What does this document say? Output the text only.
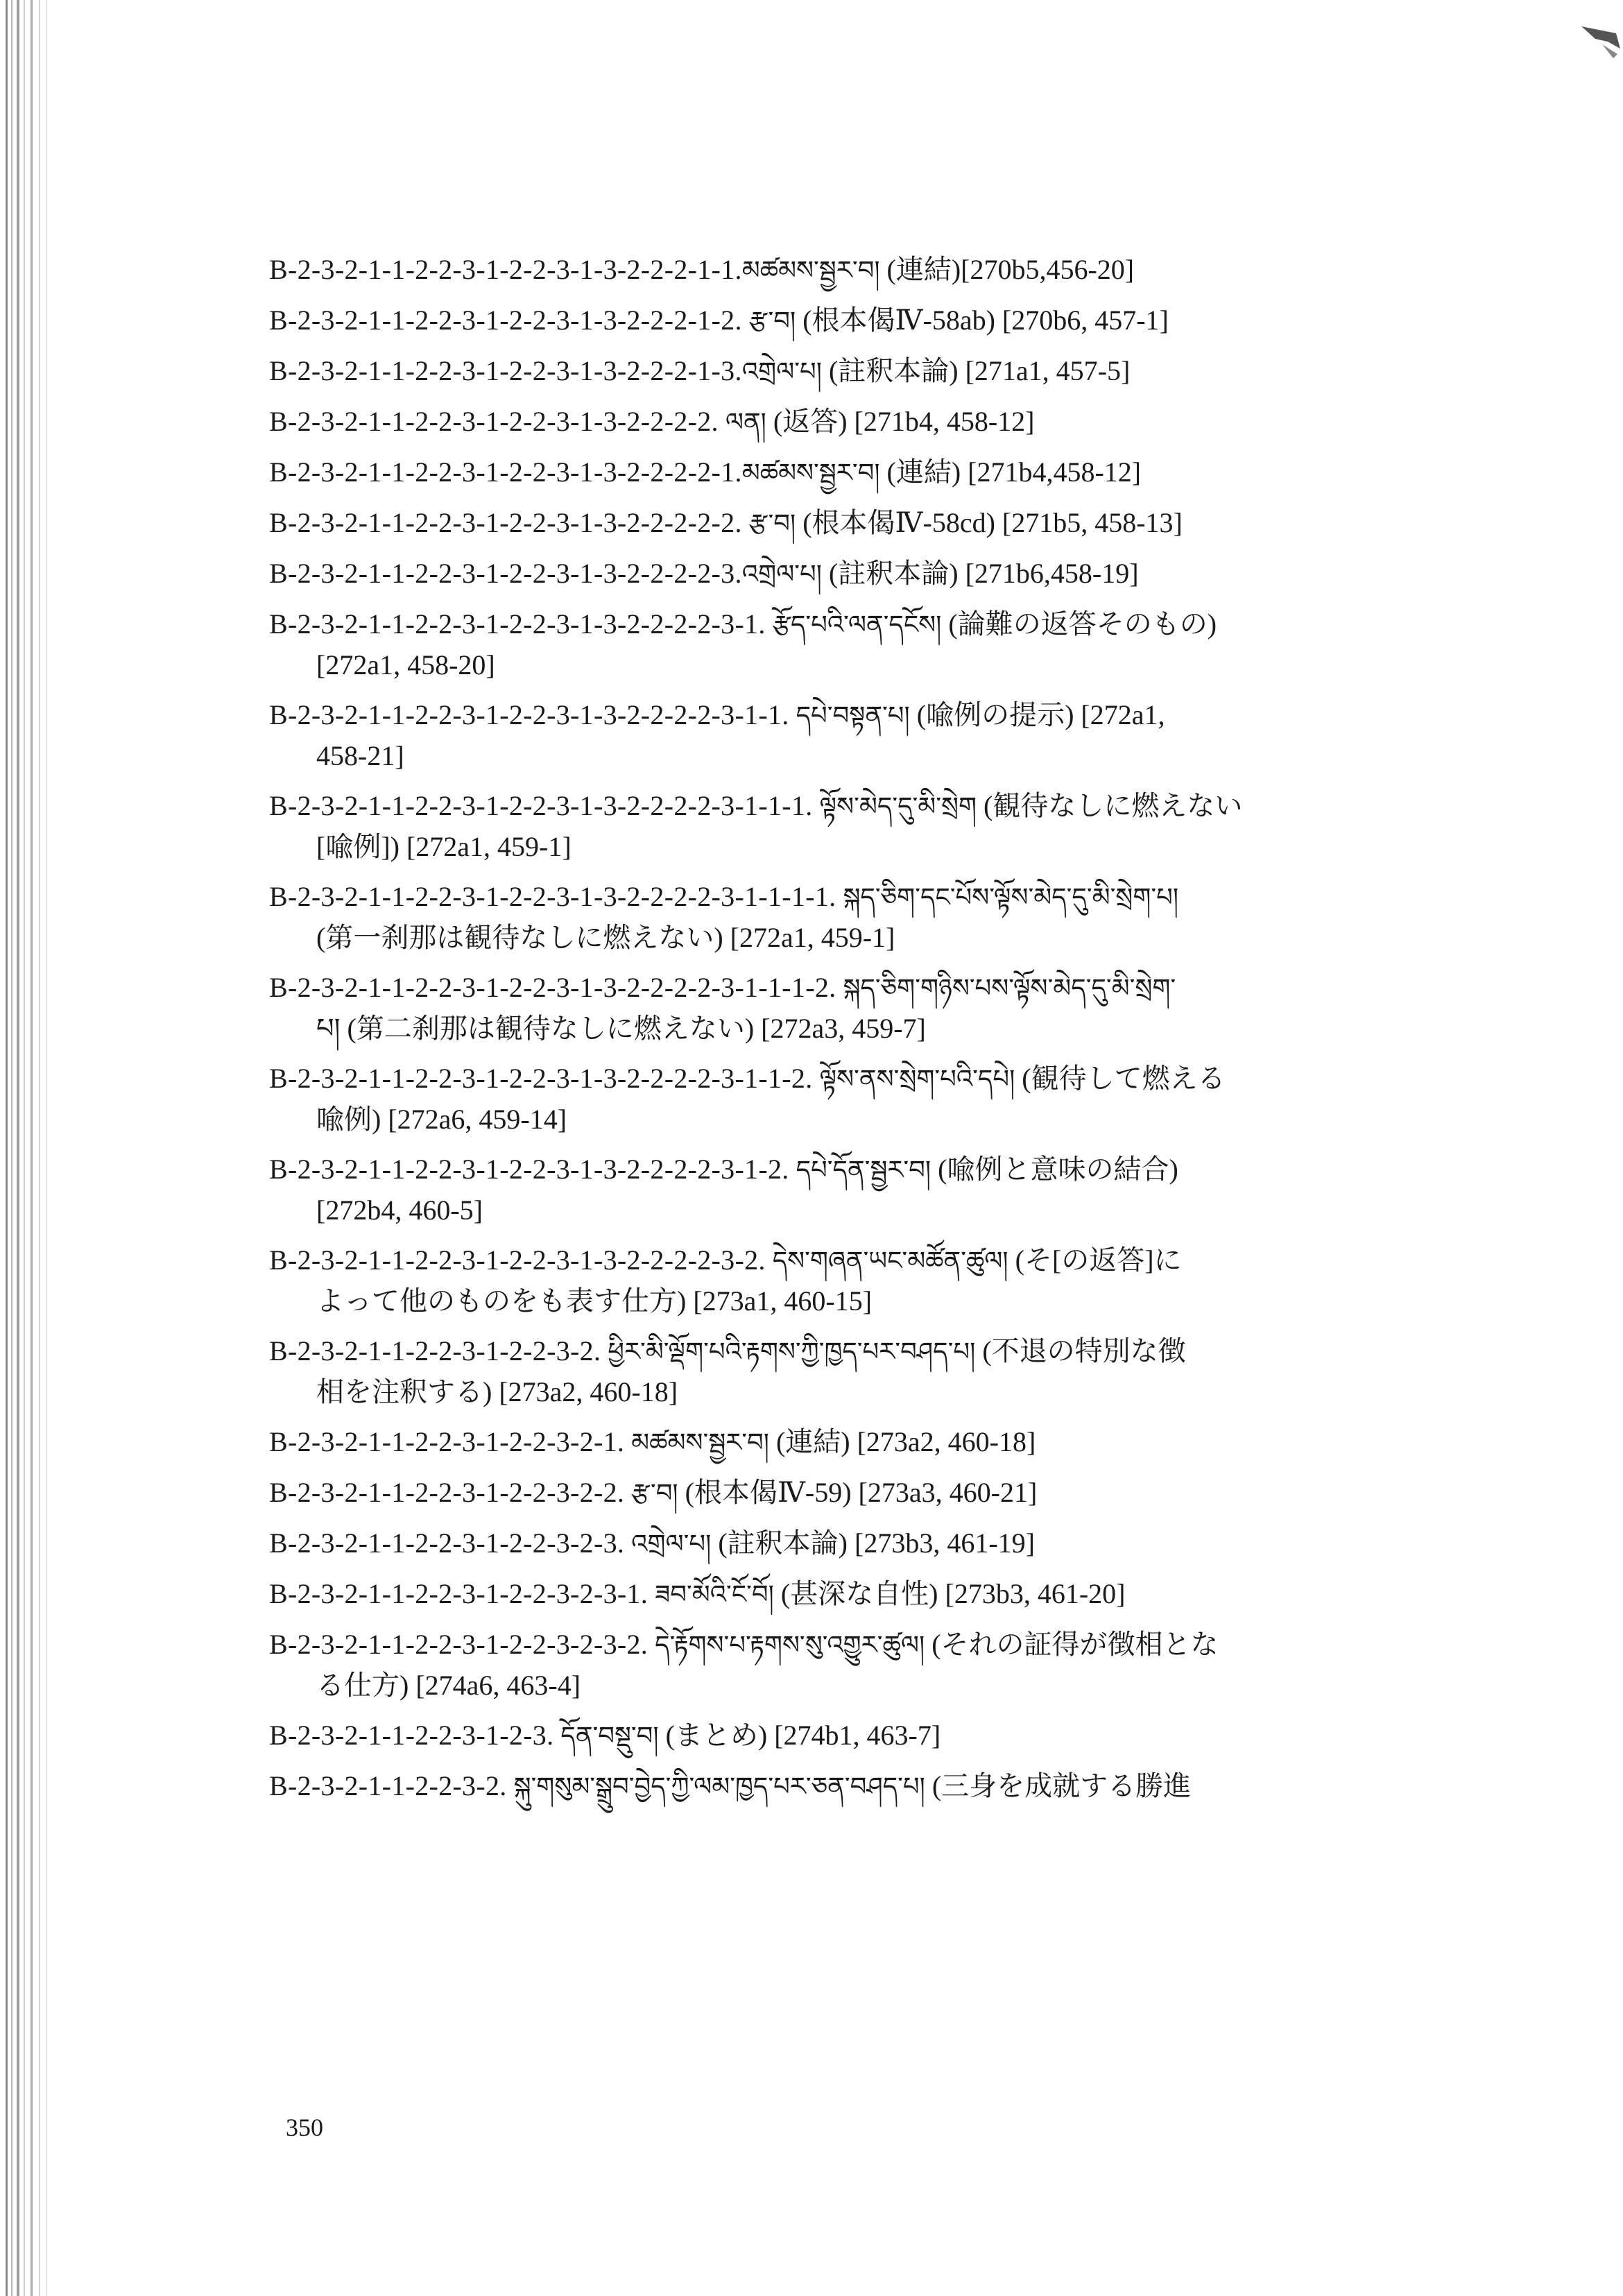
B-2-3-2-1-1-2-2-3-1-2-2-3-1-3-2-2-2-1-1.མཚམས་སྦྱར་བ། (連結)[270b5,456-20]
B-2-3-2-1-1-2-2-3-1-2-2-3-1-3-2-2-2-1-2. རྩ་བ། (根本偈Ⅳ-58ab) [270b6, 457-1]
B-2-3-2-1-1-2-2-3-1-2-2-3-1-3-2-2-2-1-3.འགྲེལ་པ། (註釈本論) [271a1, 457-5]
B-2-3-2-1-1-2-2-3-1-2-2-3-1-3-2-2-2-2. ལན། (返答) [271b4, 458-12]
B-2-3-2-1-1-2-2-3-1-2-2-3-1-3-2-2-2-2-1.མཚམས་སྦྱར་བ། (連結) [271b4,458-12]
B-2-3-2-1-1-2-2-3-1-2-2-3-1-3-2-2-2-2-2. རྩ་བ། (根本偈Ⅳ-58cd) [271b5, 458-13]
B-2-3-2-1-1-2-2-3-1-2-2-3-1-3-2-2-2-2-3.འགྲེལ་པ། (註釈本論) [271b6,458-19]
B-2-3-2-1-1-2-2-3-1-2-2-3-1-3-2-2-2-2-3-1. རྩོད་པའི་ལན་དངོས། (論難の返答そのもの)
[272a1, 458-20]
B-2-3-2-1-1-2-2-3-1-2-2-3-1-3-2-2-2-2-3-1-1. དཔེ་བསྟན་པ། (喩例の提示) [272a1,
458-21]
B-2-3-2-1-1-2-2-3-1-2-2-3-1-3-2-2-2-2-3-1-1-1. ལྟོས་མེད་དུ་མི་སྲེག (観待なしに燃えない
[喩例]) [272a1, 459-1]
B-2-3-2-1-1-2-2-3-1-2-2-3-1-3-2-2-2-2-3-1-1-1-1. སྐད་ཅིག་དང་པོས་ལྟོས་མེད་དུ་མི་སྲེག་པ།
(第一刹那は観待なしに燃えない) [272a1, 459-1]
B-2-3-2-1-1-2-2-3-1-2-2-3-1-3-2-2-2-2-3-1-1-1-2. སྐད་ཅིག་གཉིས་པས་ལྟོས་མེད་དུ་མི་སྲེག་
པ། (第二刹那は観待なしに燃えない) [272a3, 459-7]
B-2-3-2-1-1-2-2-3-1-2-2-3-1-3-2-2-2-2-3-1-1-2. ལྟོས་ནས་སྲེག་པའི་དཔེ། (観待して燃える
喩例) [272a6, 459-14]
B-2-3-2-1-1-2-2-3-1-2-2-3-1-3-2-2-2-2-3-1-2. དཔེ་དོན་སྦྱར་བ། (喩例と意味の結合)
[272b4, 460-5]
B-2-3-2-1-1-2-2-3-1-2-2-3-1-3-2-2-2-2-3-2. དེས་གཞན་ཡང་མཚོན་ཚུལ། (そ[の返答]に
よって他のものをも表す仕方) [273a1, 460-15]
B-2-3-2-1-1-2-2-3-1-2-2-3-2. ཕྱིར་མི་ལྡོག་པའི་རྟགས་ཀྱི་ཁྱད་པར་བཤད་པ། (不退の特別な徴
相を注釈する) [273a2, 460-18]
B-2-3-2-1-1-2-2-3-1-2-2-3-2-1. མཚམས་སྦྱར་བ། (連結) [273a2, 460-18]
B-2-3-2-1-1-2-2-3-1-2-2-3-2-2. རྩ་བ། (根本偈Ⅳ-59) [273a3, 460-21]
B-2-3-2-1-1-2-2-3-1-2-2-3-2-3. འགྲེལ་པ། (註釈本論) [273b3, 461-19]
B-2-3-2-1-1-2-2-3-1-2-2-3-2-3-1. ཟབ་མོའི་ངོ་བོ། (甚深な自性) [273b3, 461-20]
B-2-3-2-1-1-2-2-3-1-2-2-3-2-3-2. དེ་རྟོགས་པ་རྟགས་སུ་འགྱུར་ཚུལ། (それの証得が徴相とな
る仕方) [274a6, 463-4]
B-2-3-2-1-1-2-2-3-1-2-3. དོན་བསྡུ་བ། (まとめ) [274b1, 463-7]
B-2-3-2-1-1-2-2-3-2. སྐུ་གསུམ་སྒྲུབ་བྱེད་ཀྱི་ལམ་ཁྱད་པར་ཅན་བཤད་པ། (三身を成就する勝進
350
